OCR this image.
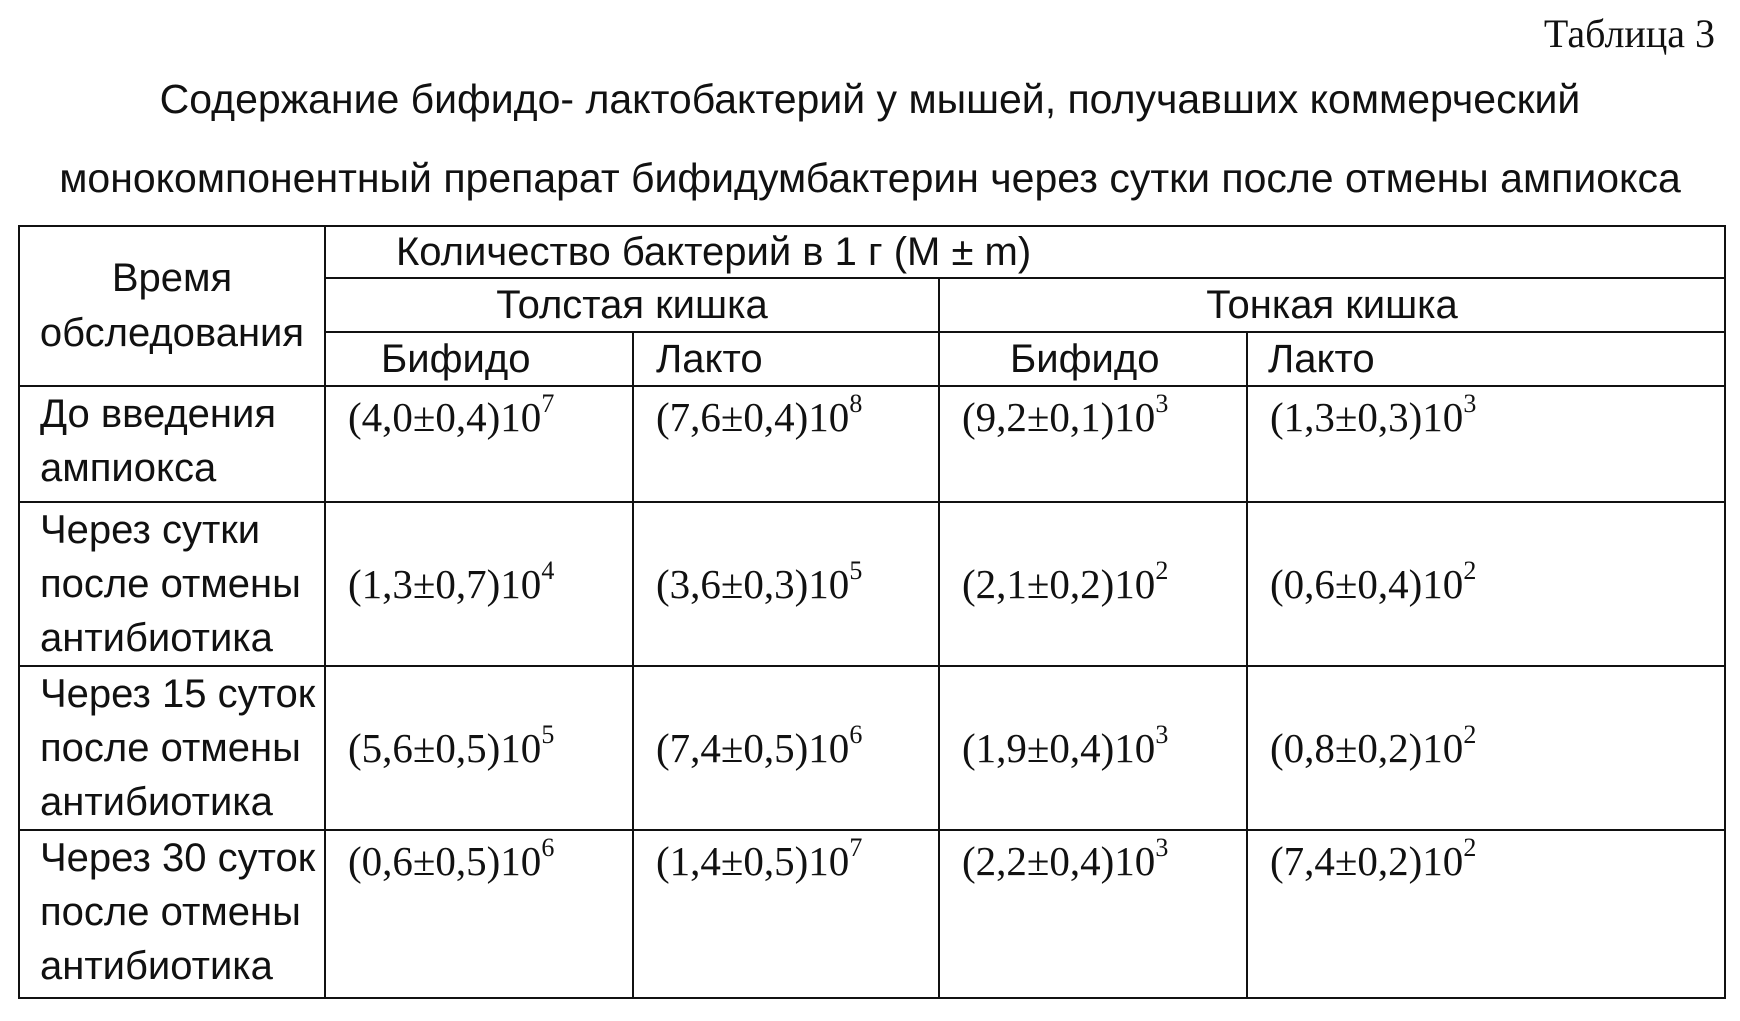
Таблица 3
Содержание бифидо- лактобактерий у мышей, получавших коммерческий
монокомпонентный препарат бифидумбактерин через сутки после отмены ампиокса
Время обследования	Количество бактерий в 1 г (M ± m)			
	Толстая кишка		Тонкая кишка	
	Бифидо	Лакто	Бифидо	Лакто
До введения ампиокса	$(4,0\pm 0,4)10^7$	$(7,6\pm 0,4)10^8$	$(9,2\pm 0,1)10^3$	$(1,3\pm 0,3)10^3$
Через сутки после отмены антибиотика	$(1,3\pm 0,7)10^4$	$(3,6\pm 0,3)10^5$	$(2,1\pm 0,2)10^2$	$(0,6\pm 0,4)10^2$
Через 15 суток после отмены антибиотика	$(5,6\pm 0,5)10^5$	$(7,4\pm 0,5)10^6$	$(1,9\pm 0,4)10^3$	$(0,8\pm 0,2)10^2$
Через 30 суток после отмены антибиотика	$(0,6\pm 0,5)10^6$	$(1,4\pm 0,5)10^7$	$(2,2\pm 0,4)10^3$	$(7,4\pm 0,2)10^2$
